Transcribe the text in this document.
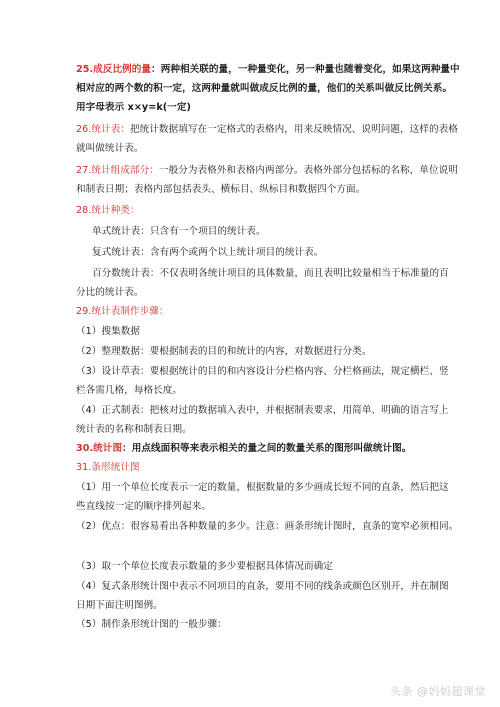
25.成反比例的量：两种相关联的量，一种量变化，另一种量也随着变化，如果这两种量中
相对应的两个数的积一定，这两种量就叫做成反比例的量，他们的关系叫做反比例关系。
用字母表示 x×y=k(一定)
26.统计表：把统计数据填写在一定格式的表格内，用来反映情况、说明问题，这样的表格
就叫做统计表。
27.统计组成部分：一般分为表格外和表格内两部分。表格外部分包括标的名称，单位说明
和制表日期；表格内部包括表头、横标目、纵标目和数据四个方面。
28.统计种类：
单式统计表：只含有一个项目的统计表。
复式统计表：含有两个或两个以上统计项目的统计表。
百分数统计表：不仅表明各统计项目的具体数量，而且表明比较量相当于标准量的百
分比的统计表。
29.统计表制作步骤：
（1）搜集数据
（2）整理数据：要根据制表的目的和统计的内容，对数据进行分类。
（3）设计草表：要根据统计的目的和内容设计分栏格内容、分栏格画法，规定横栏、竖
栏各需几格，每格长度。
（4）正式制表：把核对过的数据填入表中，并根据制表要求，用简单、明确的语言写上
统计表的名称和制表日期。
30.统计图：用点线面积等来表示相关的量之间的数量关系的图形叫做统计图。
31.条形统计图
（1）用一个单位长度表示一定的数量，根据数量的多少画成长短不同的直条，然后把这
些直线按一定的顺序排列起来。
（2）优点：很容易看出各种数量的多少。注意：画条形统计图时，直条的宽窄必须相同。
（3）取一个单位长度表示数量的多少要根据具体情况而确定
（4）复式条形统计图中表示不同项目的直条，要用不同的线条或颜色区别开，并在制图
日期下面注明图例。
（5）制作条形统计图的一般步骤：
头条 @妈妈超课堂
